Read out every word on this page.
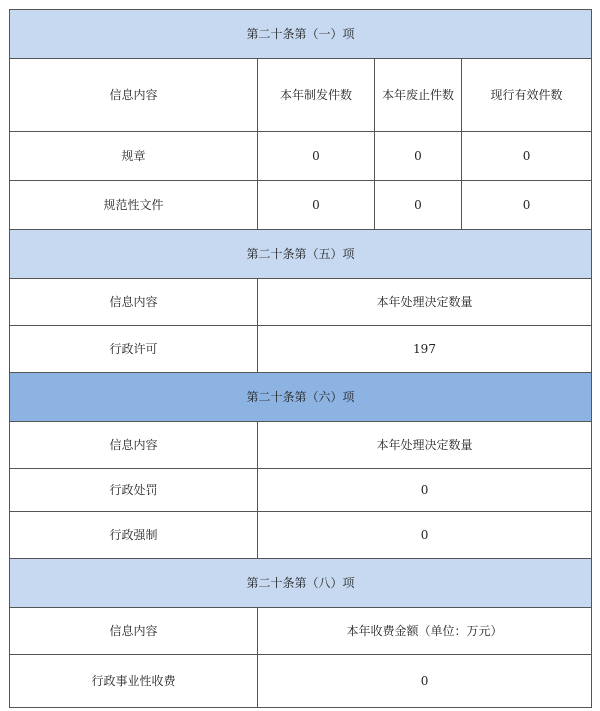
第二十条第（一）项			
信息内容	本年制发件数	本年废止件数	现行有效件数
规章	0	0	0
规范性文件	0	0	0
第二十条第（五）项			
信息内容	本年处理决定数量		
行政许可	197		
第二十条第（六）项			
信息内容	本年处理决定数量		
行政处罚	0		
行政强制	0		
第二十条第（八）项			
信息内容	本年收费金额（单位：万元）		
行政事业性收费	0		
